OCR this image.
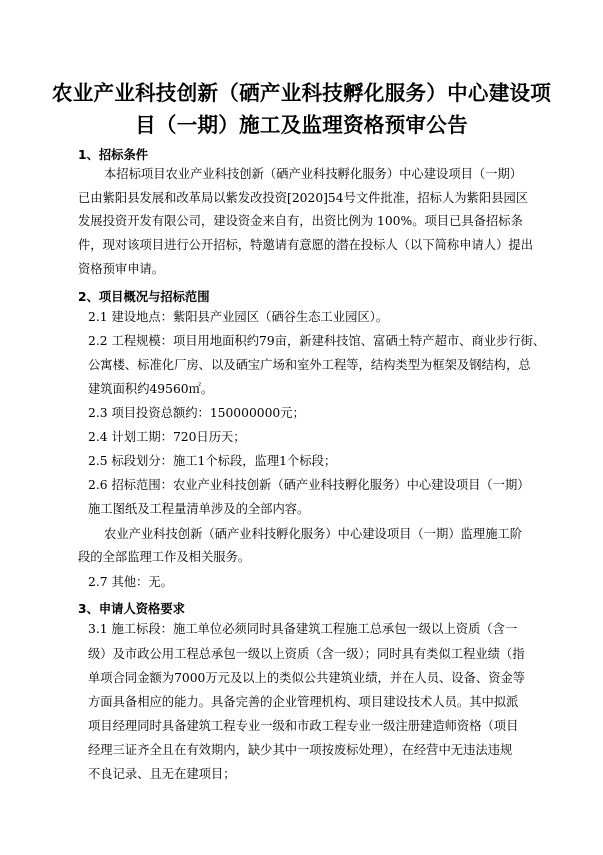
农业产业科技创新（硒产业科技孵化服务）中心建设项
目（一期）施工及监理资格预审公告
1、招标条件
本招标项目农业产业科技创新（硒产业科技孵化服务）中心建设项目（一期）
已由紫阳县发展和改革局以紫发改投资[2020]54号文件批准，招标人为紫阳县园区
发展投资开发有限公司，建设资金来自有，出资比例为 100%。项目已具备招标条
件，现对该项目进行公开招标，特邀请有意愿的潜在投标人（以下简称申请人）提出
资格预审申请。
2、项目概况与招标范围
2.1 建设地点：紫阳县产业园区（硒谷生态工业园区）。
2.2 工程规模：项目用地面积约79亩，新建科技馆、富硒土特产超市、商业步行街、
公寓楼、标准化厂房、以及硒宝广场和室外工程等，结构类型为框架及钢结构，总
建筑面积约49560㎡。
2.3 项目投资总额约：150000000元；
2.4 计划工期：720日历天；
2.5 标段划分：施工1个标段，监理1个标段；
2.6 招标范围：农业产业科技创新（硒产业科技孵化服务）中心建设项目（一期）
施工图纸及工程量清单涉及的全部内容。
农业产业科技创新（硒产业科技孵化服务）中心建设项目（一期）监理施工阶
段的全部监理工作及相关服务。
2.7 其他：无。
3、申请人资格要求
3.1 施工标段：施工单位必须同时具备建筑工程施工总承包一级以上资质（含一
级）及市政公用工程总承包一级以上资质（含一级）；同时具有类似工程业绩（指
单项合同金额为7000万元及以上的类似公共建筑业绩，并在人员、设备、资金等
方面具备相应的能力。具备完善的企业管理机构、项目建设技术人员。其中拟派
项目经理同时具备建筑工程专业一级和市政工程专业一级注册建造师资格（项目
经理三证齐全且在有效期内，缺少其中一项按废标处理），在经营中无违法违规
不良记录、且无在建项目；
